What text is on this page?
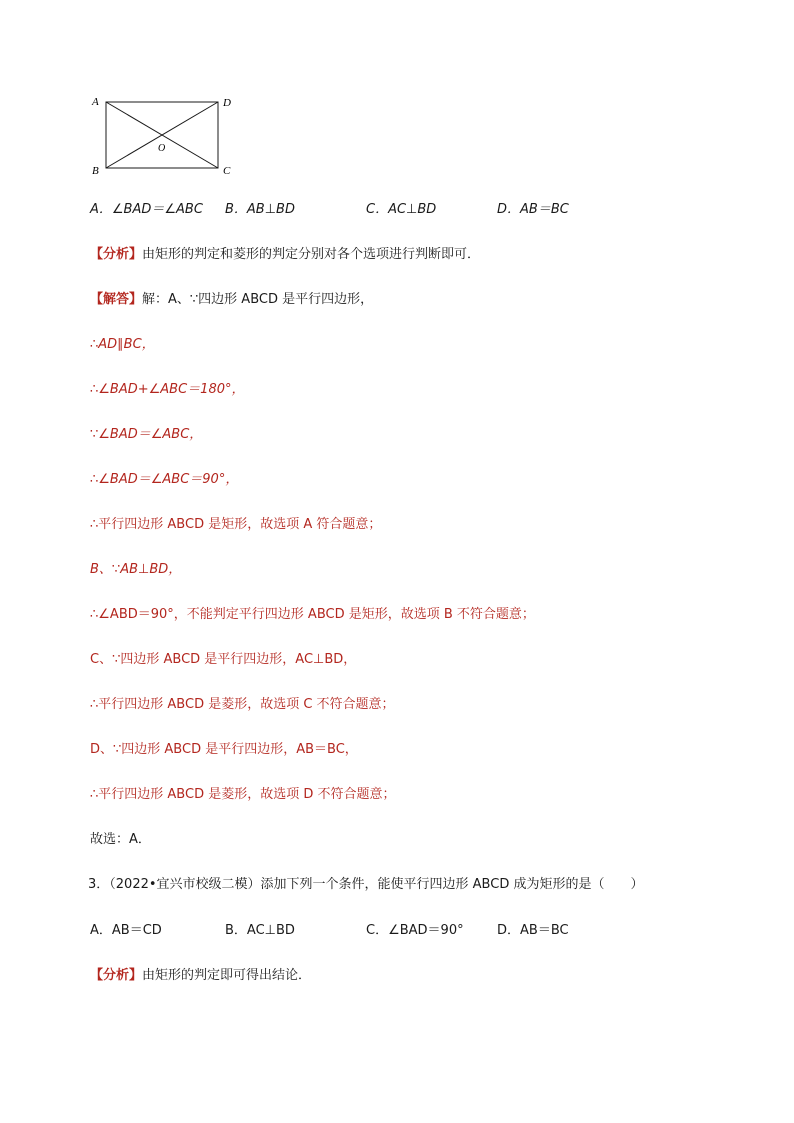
A	D
B	C
O
A．∠BAD＝∠ABC B．AB⊥BD	C．AC⊥BD	D．AB＝BC
【分析】由矩形的判定和菱形的判定分别对各个选项进行判断即可．
【解答】解：A、∵四边形 ABCD 是平行四边形，
∴AD∥BC，
∴∠BAD+∠ABC＝180°，
∵∠BAD＝∠ABC，
∴∠BAD＝∠ABC＝90°，
∴平行四边形 ABCD 是矩形，故选项 A 符合题意；
B、∵AB⊥BD，
∴∠ABD＝90°，不能判定平行四边形 ABCD 是矩形，故选项 B 不符合题意；
C、∵四边形 ABCD 是平行四边形，AC⊥BD，
∴平行四边形 ABCD 是菱形，故选项 C 不符合题意；
D、∵四边形 ABCD 是平行四边形，AB＝BC，
∴平行四边形 ABCD 是菱形，故选项 D 不符合题意；
故选：A．
3．（2022•宜兴市校级二模）添加下列一个条件，能使平行四边形 ABCD 成为矩形的是（　　）
A．AB＝CD	B．AC⊥BD	C．∠BAD＝90°	D．AB＝BC
【分析】由矩形的判定即可得出结论．
